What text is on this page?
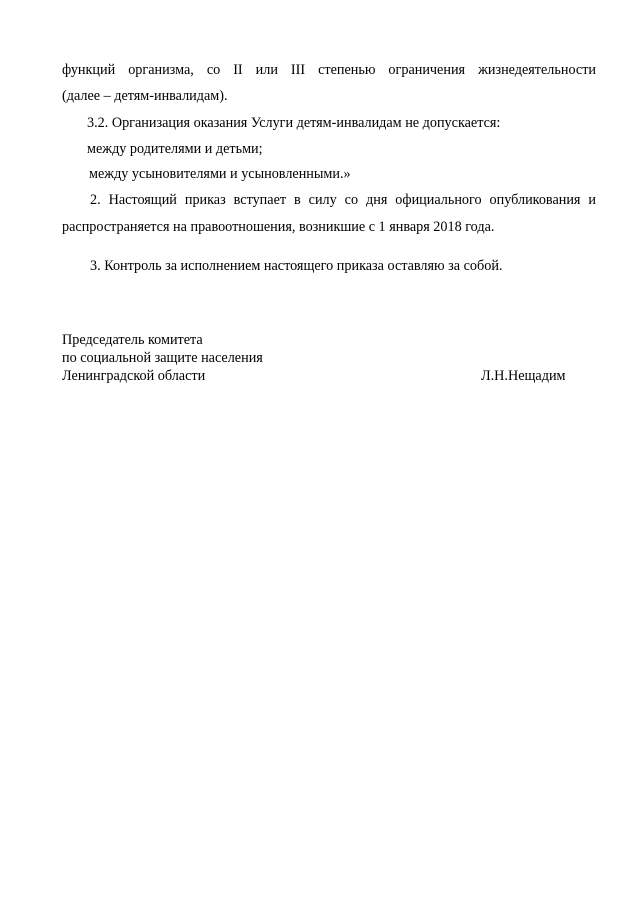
функций организма, со II или III степенью ограничения жизнедеятельности
(далее – детям-инвалидам).
3.2. Организация оказания Услуги детям-инвалидам не допускается:
между родителями и детьми;
между усыновителями и усыновленными.»
2. Настоящий приказ вступает в силу со дня официального опубликования и
распространяется на правоотношения, возникшие с 1 января 2018 года.
3. Контроль за исполнением настоящего приказа оставляю за собой.
Председатель комитета
по социальной защите населения
Ленинградской области	Л.Н.Нещадим
